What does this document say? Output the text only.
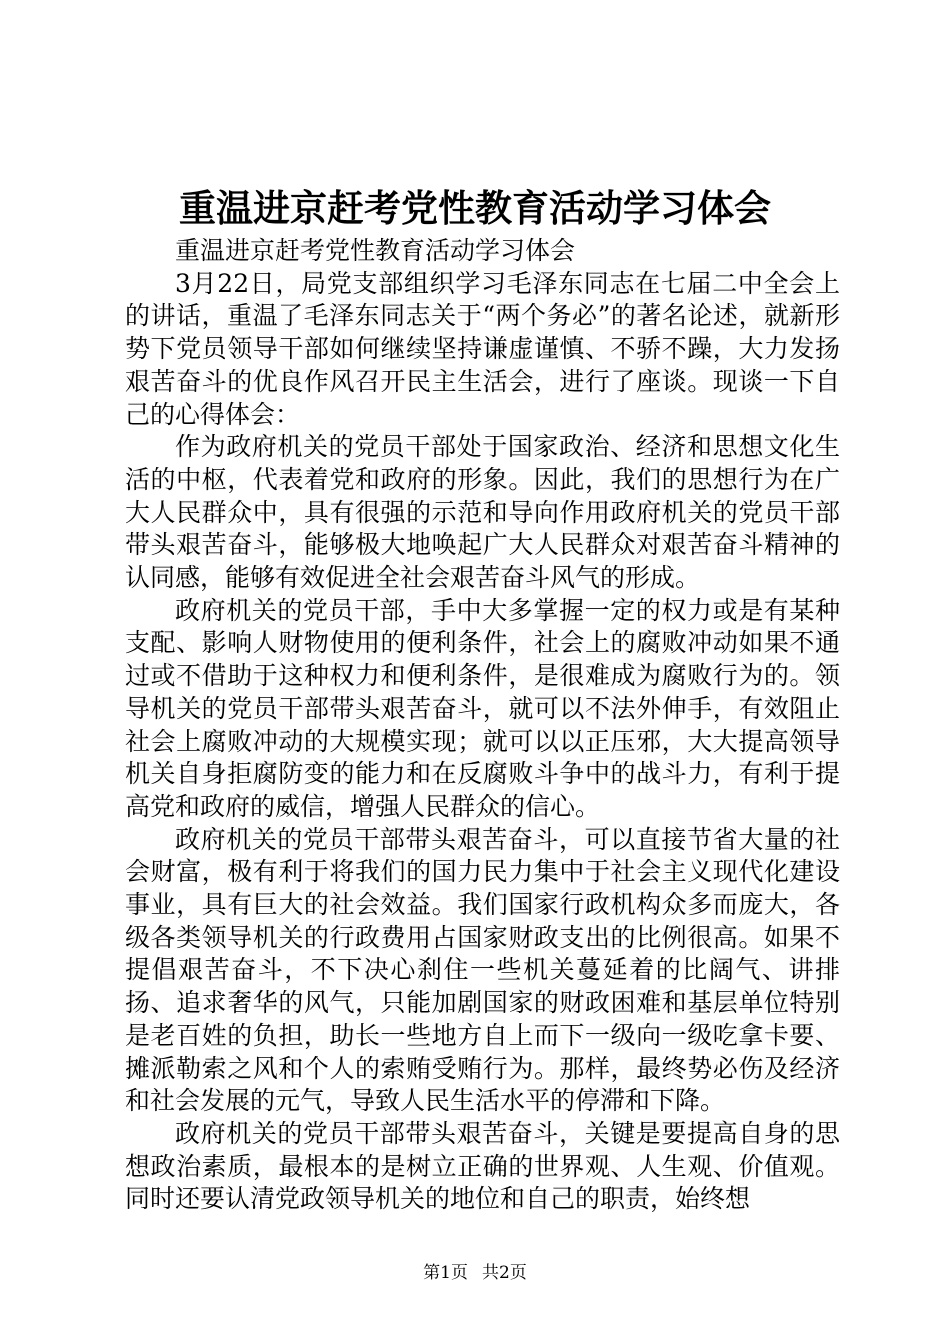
重温进京赶考党性教育活动学习体会

重温进京赶考党性教育活动学习体会

3月22日，局党支部组织学习毛泽东同志在七届二中全会上的讲话，重温了毛泽东同志关于“两个务必”的著名论述，就新形势下党员领导干部如何继续坚持谦虚谨慎、不骄不躁，大力发扬艰苦奋斗的优良作风召开民主生活会，进行了座谈。现谈一下自己的心得体会：

作为政府机关的党员干部处于国家政治、经济和思想文化生活的中枢，代表着党和政府的形象。因此，我们的思想行为在广大人民群众中，具有很强的示范和导向作用政府机关的党员干部带头艰苦奋斗，能够极大地唤起广大人民群众对艰苦奋斗精神的认同感，能够有效促进全社会艰苦奋斗风气的形成。

政府机关的党员干部，手中大多掌握一定的权力或是有某种支配、影响人财物使用的便利条件，社会上的腐败冲动如果不通过或不借助于这种权力和便利条件，是很难成为腐败行为的。领导机关的党员干部带头艰苦奋斗，就可以不法外伸手，有效阻止社会上腐败冲动的大规模实现；就可以以正压邪，大大提高领导机关自身拒腐防变的能力和在反腐败斗争中的战斗力，有利于提高党和政府的威信，增强人民群众的信心。

政府机关的党员干部带头艰苦奋斗，可以直接节省大量的社会财富，极有利于将我们的国力民力集中于社会主义现代化建设事业，具有巨大的社会效益。我们国家行政机构众多而庞大，各级各类领导机关的行政费用占国家财政支出的比例很高。如果不提倡艰苦奋斗，不下决心刹住一些机关蔓延着的比阔气、讲排扬、追求奢华的风气，只能加剧国家的财政困难和基层单位特别是老百姓的负担，助长一些地方自上而下一级向一级吃拿卡要、摊派勒索之风和个人的索贿受贿行为。那样，最终势必伤及经济和社会发展的元气，导致人民生活水平的停滞和下降。

政府机关的党员干部带头艰苦奋斗，关键是要提高自身的思想政治素质，最根本的是树立正确的世界观、人生观、价值观。同时还要认清党政领导机关的地位和自己的职责，始终想

第1页 共2页
